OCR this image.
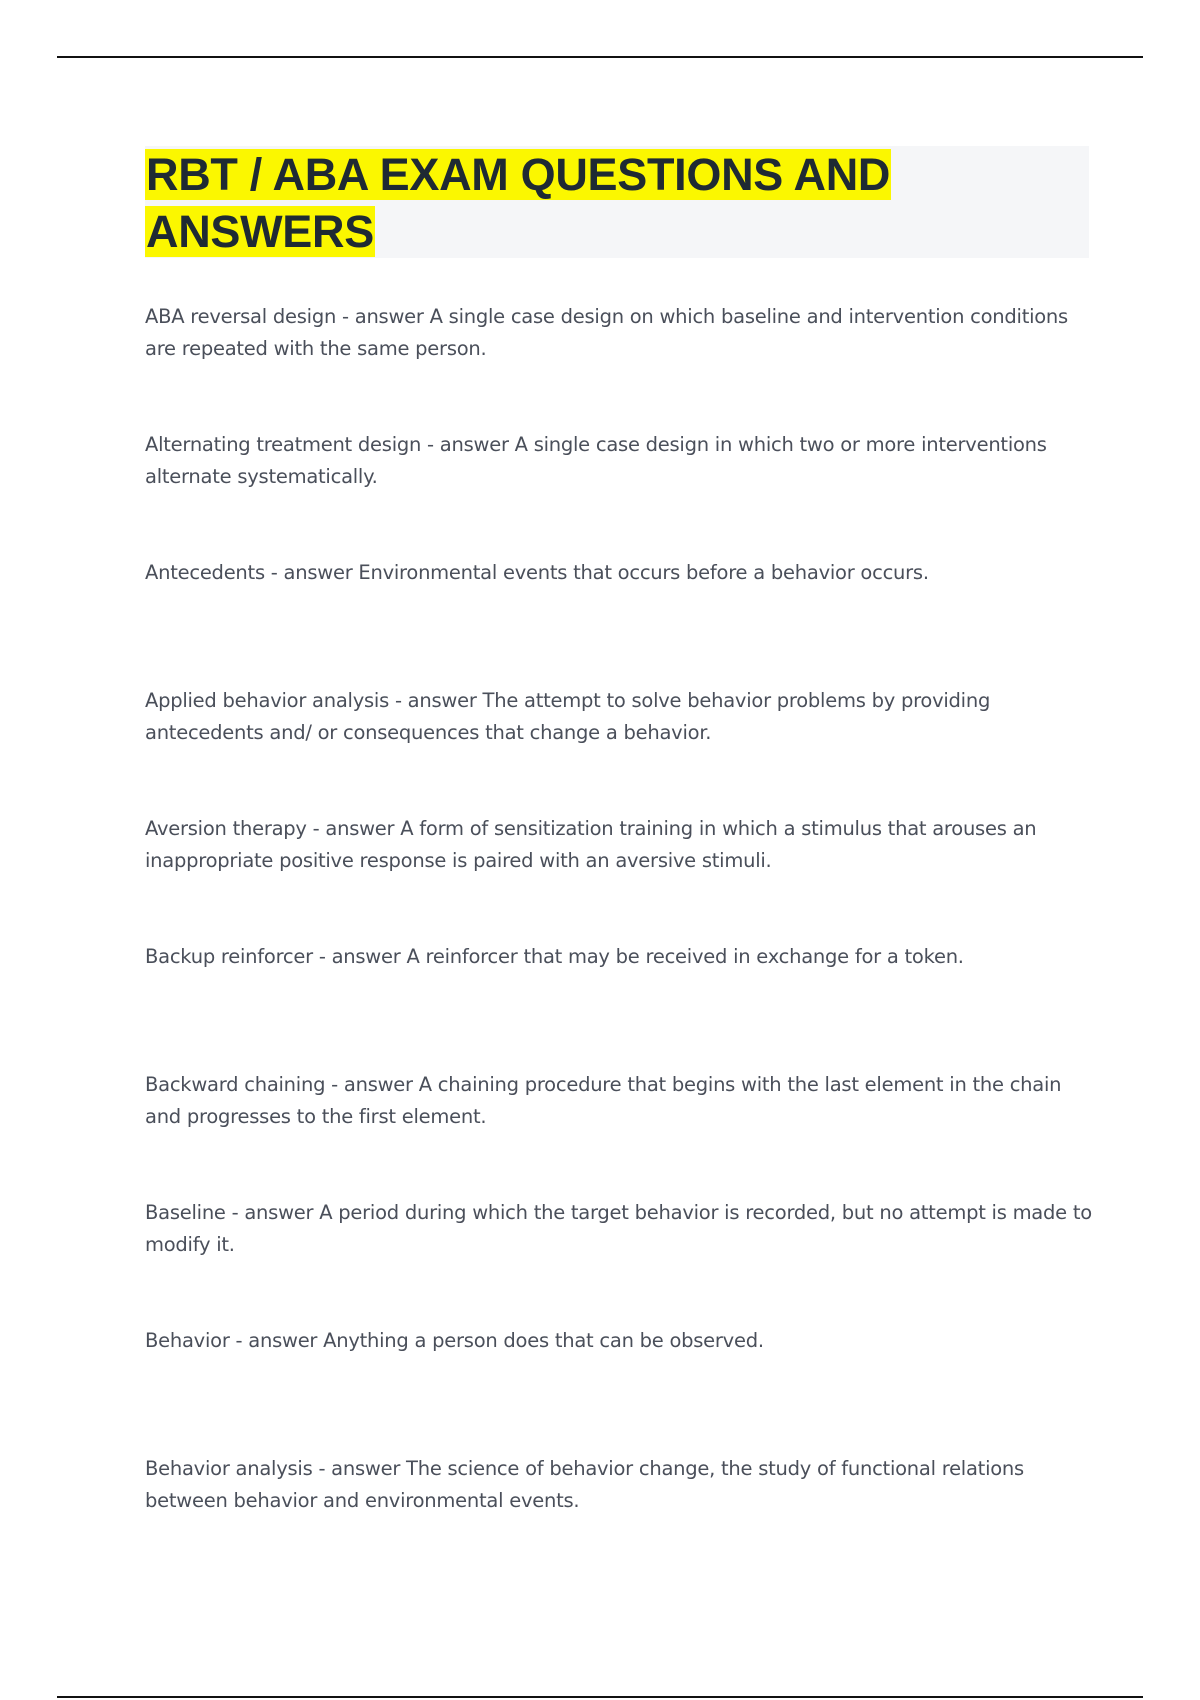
RBT / ABA EXAM QUESTIONS AND ANSWERS

ABA reversal design - answer A single case design on which baseline and intervention conditions are repeated with the same person.

Alternating treatment design - answer A single case design in which two or more interventions alternate systematically.

Antecedents - answer Environmental events that occurs before a behavior occurs.

Applied behavior analysis - answer The attempt to solve behavior problems by providing antecedents and/ or consequences that change a behavior.

Aversion therapy - answer A form of sensitization training in which a stimulus that arouses an inappropriate positive response is paired with an aversive stimuli.

Backup reinforcer - answer A reinforcer that may be received in exchange for a token.

Backward chaining - answer A chaining procedure that begins with the last element in the chain and progresses to the first element.

Baseline - answer A period during which the target behavior is recorded, but no attempt is made to modify it.

Behavior - answer Anything a person does that can be observed.

Behavior analysis - answer The science of behavior change, the study of functional relations between behavior and environmental events.
